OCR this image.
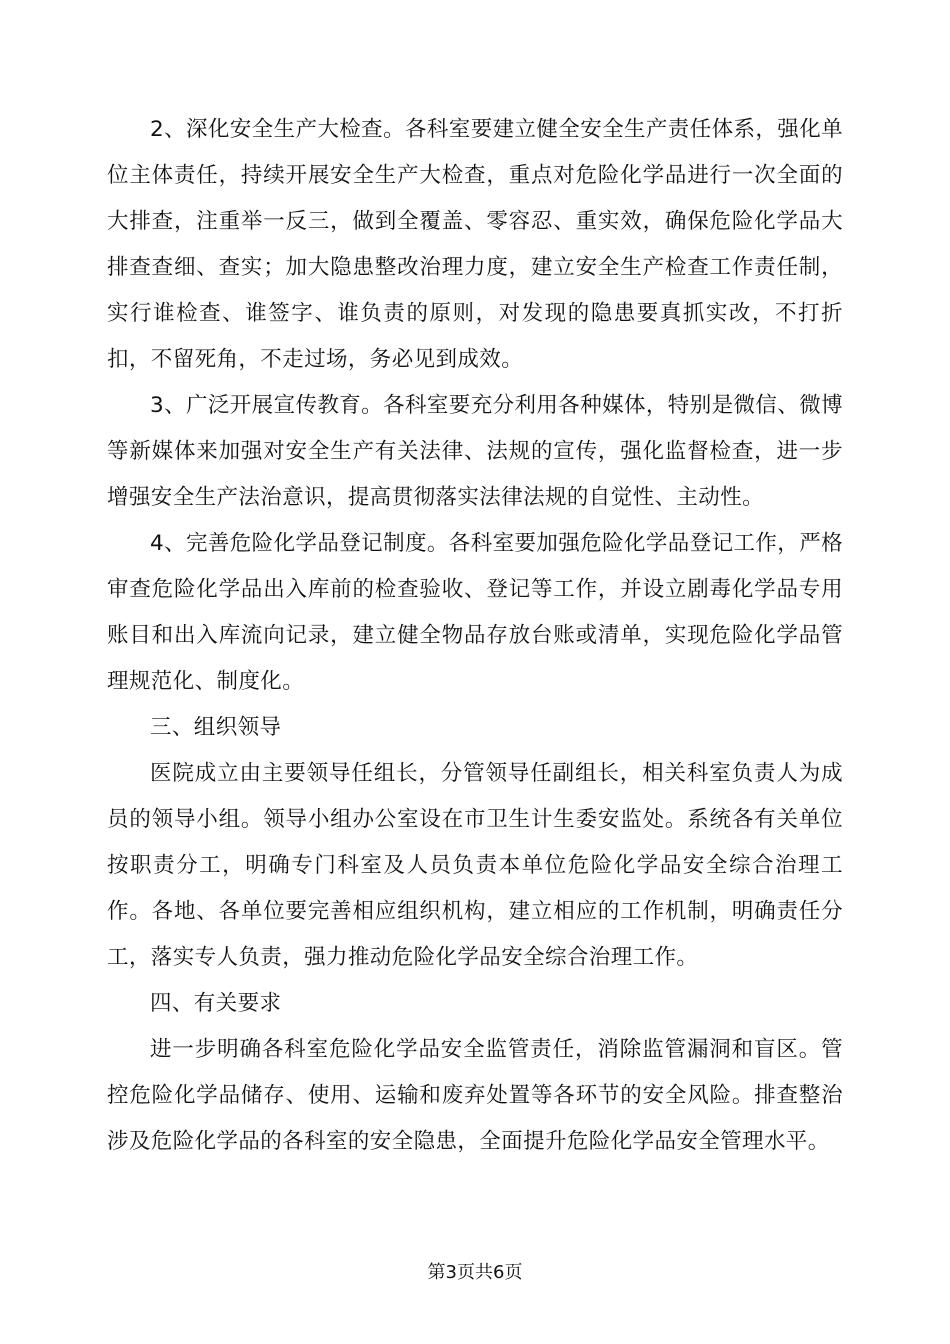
2、深化安全生产大检查。各科室要建立健全安全生产责任体系，强化单位主体责任，持续开展安全生产大检查，重点对危险化学品进行一次全面的大排查，注重举一反三，做到全覆盖、零容忍、重实效，确保危险化学品大排查查细、查实；加大隐患整改治理力度，建立安全生产检查工作责任制，实行谁检查、谁签字、谁负责的原则，对发现的隐患要真抓实改，不打折扣，不留死角，不走过场，务必见到成效。

3、广泛开展宣传教育。各科室要充分利用各种媒体，特别是微信、微博等新媒体来加强对安全生产有关法律、法规的宣传，强化监督检查，进一步增强安全生产法治意识，提高贯彻落实法律法规的自觉性、主动性。

4、完善危险化学品登记制度。各科室要加强危险化学品登记工作，严格审查危险化学品出入库前的检查验收、登记等工作，并设立剧毒化学品专用账目和出入库流向记录，建立健全物品存放台账或清单，实现危险化学品管理规范化、制度化。

三、组织领导

医院成立由主要领导任组长，分管领导任副组长，相关科室负责人为成员的领导小组。领导小组办公室设在市卫生计生委安监处。系统各有关单位按职责分工，明确专门科室及人员负责本单位危险化学品安全综合治理工作。各地、各单位要完善相应组织机构，建立相应的工作机制，明确责任分工，落实专人负责，强力推动危险化学品安全综合治理工作。

四、有关要求

进一步明确各科室危险化学品安全监管责任，消除监管漏洞和盲区。管控危险化学品储存、使用、运输和废弃处置等各环节的安全风险。排查整治涉及危险化学品的各科室的安全隐患，全面提升危险化学品安全管理水平。

第3页共6页
